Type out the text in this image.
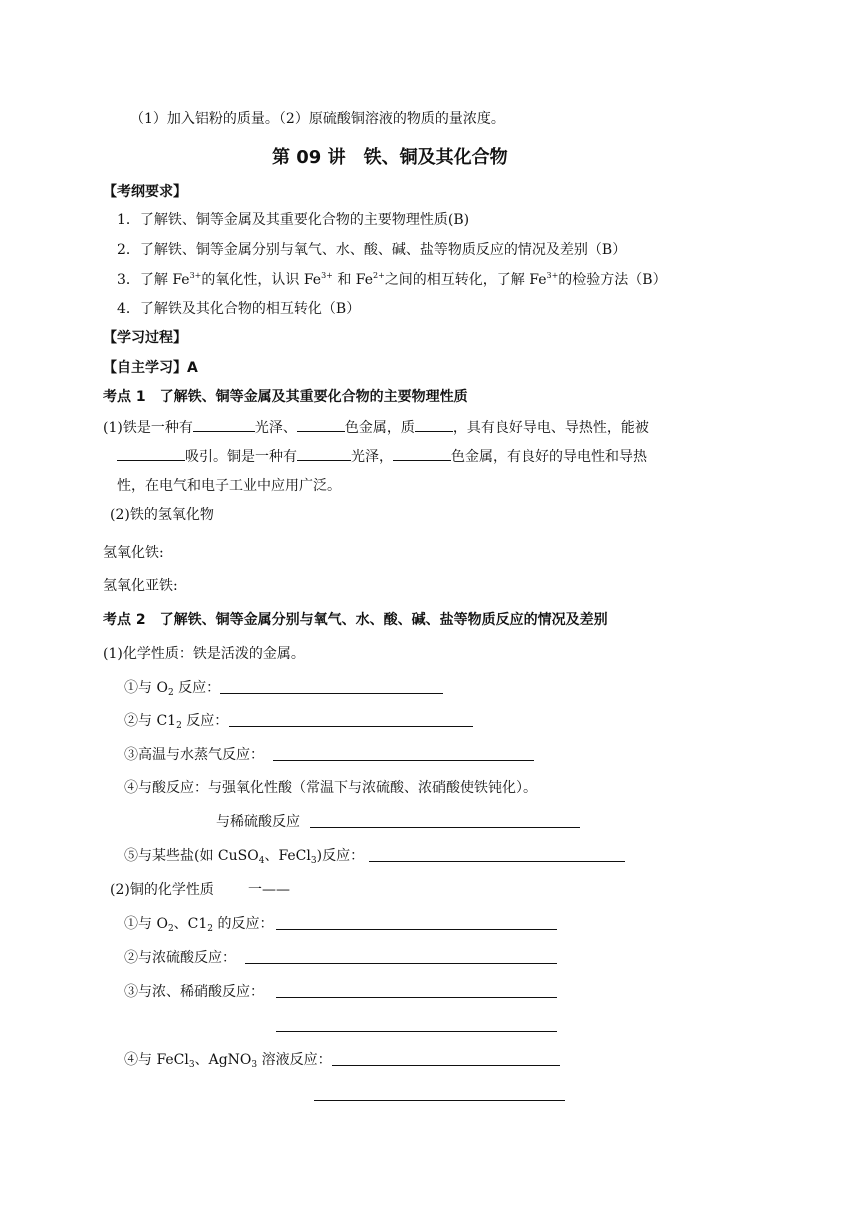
（1）加入铝粉的质量。（2）原硫酸铜溶液的物质的量浓度。
第 09 讲　铁、铜及其化合物
【考纲要求】
1．了解铁、铜等金属及其重要化合物的主要物理性质(B)
2．了解铁、铜等金属分别与氧气、水、酸、碱、盐等物质反应的情况及差别（B）
3．了解 $Fe^{3+}$的氧化性，认识 $Fe^{3+}$ 和 $Fe^{2+}$之间的相互转化，了解 $Fe^{3+}$的检验方法（B）
4．了解铁及其化合物的相互转化（B）
【学习过程】
【自主学习】A
考点 1　了解铁、铜等金属及其重要化合物的主要物理性质
(1)铁是一种有	光泽、	色金属，质	，具有良好导电、导热性，能被
吸引。铜是一种有	光泽，	色金属，有良好的导电性和导热
性，在电气和电子工业中应用广泛。
(2)铁的氢氧化物
氢氧化铁:
氢氧化亚铁:
考点 2　了解铁、铜等金属分别与氧气、水、酸、碱、盐等物质反应的情况及差别
(1)化学性质：铁是活泼的金属。
①与 $O_2$ 反应：
②与 $C1_2$ 反应：
③高温与水蒸气反应：
④与酸反应：与强氧化性酸（常温下与浓硫酸、浓硝酸使铁钝化）。
与稀硫酸反应
⑤与某些盐(如 CuSO$_4$、FeCl$_3$)反应：
(2)铜的化学性质 一——
①与 $O_2$、$C1_2$ 的反应：
②与浓硫酸反应：
③与浓、稀硝酸反应：
④与 FeCl$_3$、AgNO$_3$ 溶液反应：
